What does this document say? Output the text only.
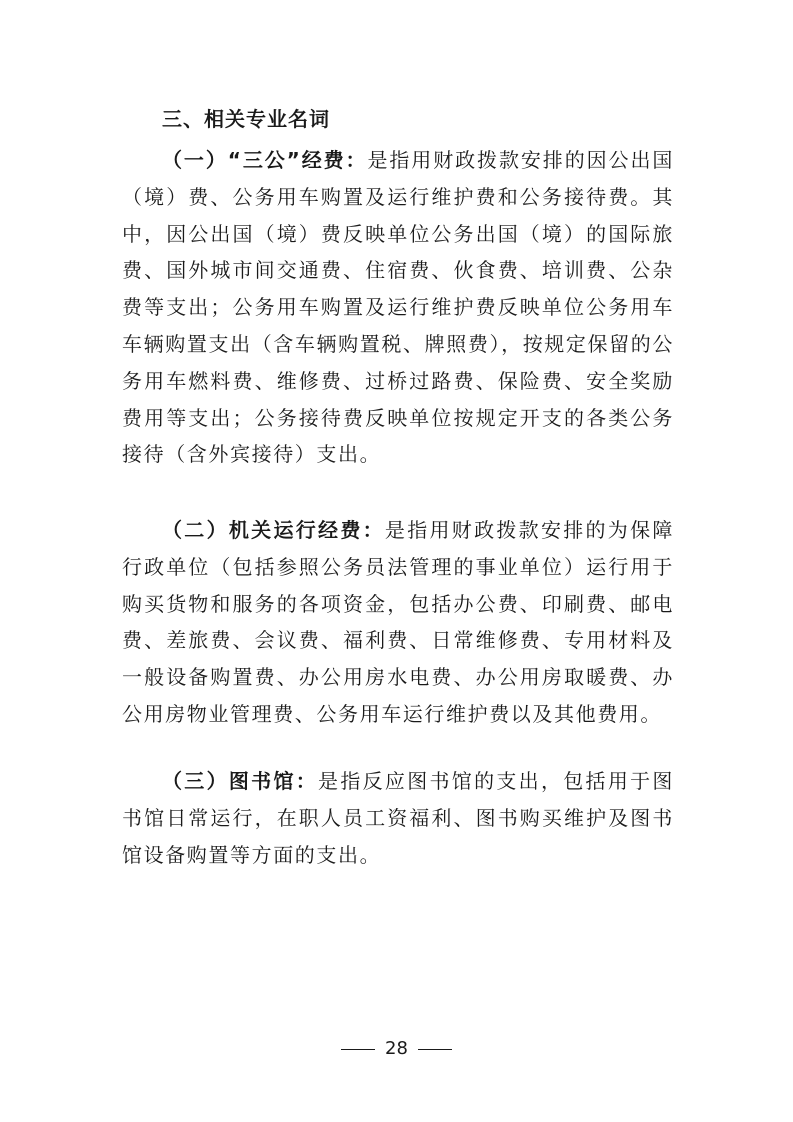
三、相关专业名词

（一）“三公”经费：是指用财政拨款安排的因公出国（境）费、公务用车购置及运行维护费和公务接待费。其中，因公出国（境）费反映单位公务出国（境）的国际旅费、国外城市间交通费、住宿费、伙食费、培训费、公杂费等支出；公务用车购置及运行维护费反映单位公务用车车辆购置支出（含车辆购置税、牌照费），按规定保留的公务用车燃料费、维修费、过桥过路费、保险费、安全奖励费用等支出；公务接待费反映单位按规定开支的各类公务接待（含外宾接待）支出。

（二）机关运行经费：是指用财政拨款安排的为保障行政单位（包括参照公务员法管理的事业单位）运行用于购买货物和服务的各项资金，包括办公费、印刷费、邮电费、差旅费、会议费、福利费、日常维修费、专用材料及一般设备购置费、办公用房水电费、办公用房取暖费、办公用房物业管理费、公务用车运行维护费以及其他费用。

（三）图书馆：是指反应图书馆的支出，包括用于图书馆日常运行，在职人员工资福利、图书购买维护及图书馆设备购置等方面的支出。

28
